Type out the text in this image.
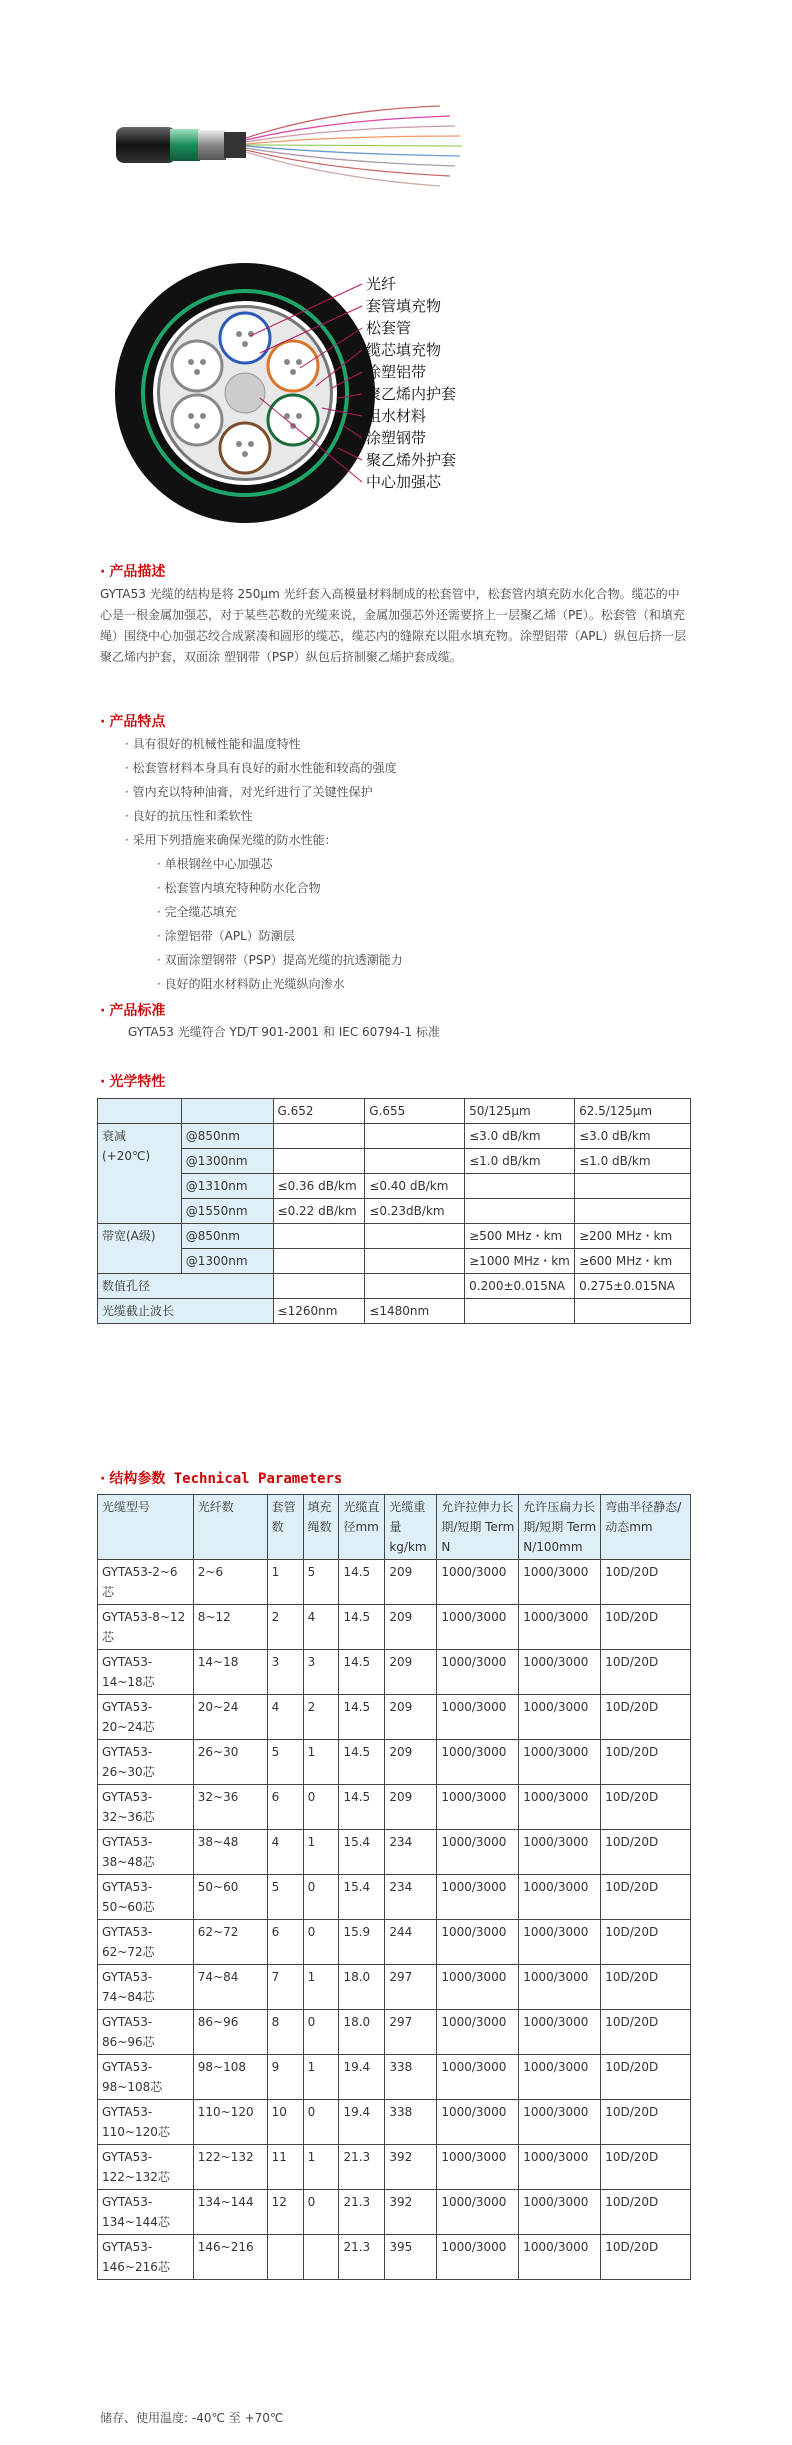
光纤
套管填充物
松套管
缆芯填充物
涂塑铝带
聚乙烯内护套
阻水材料
涂塑钢带
聚乙烯外护套
中心加强芯
· 产品描述
GYTA53 光缆的结构是将 250μm 光纤套入高模量材料制成的松套管中，松套管内填充防水化合物。缆芯的中心是一根金属加强芯，对于某些芯数的光缆来说，金属加强芯外还需要挤上一层聚乙烯（PE）。松套管（和填充绳）围绕中心加强芯绞合成紧凑和圆形的缆芯，缆芯内的缝隙充以阻水填充物。涂塑铝带（APL）纵包后挤一层聚乙烯内护套，双面涂 塑钢带（PSP）纵包后挤制聚乙烯护套成缆。
· 产品特点
· 具有很好的机械性能和温度特性
· 松套管材料本身具有良好的耐水性能和较高的强度
· 管内充以特种油膏，对光纤进行了关键性保护
· 良好的抗压性和柔软性
· 采用下列措施来确保光缆的防水性能：
· 单根钢丝中心加强芯
· 松套管内填充特种防水化合物
· 完全缆芯填充
· 涂塑铝带（APL）防潮层
· 双面涂塑钢带（PSP）提高光缆的抗透潮能力
· 良好的阻水材料防止光缆纵向渗水
· 产品标准
GYTA53 光缆符合 YD/T 901-2001 和 IEC 60794-1 标准
· 光学特性
		G.652	G.655	50/125μm	62.5/125μm
衰减
(+20℃)	@850nm			≤3.0 dB/km	≤3.0 dB/km
	@1300nm			≤1.0 dB/km	≤1.0 dB/km
	@1310nm	≤0.36 dB/km	≤0.40 dB/km		
	@1550nm	≤0.22 dB/km	≤0.23dB/km		
带宽(A级)	@850nm			≥500 MHz・km	≥200 MHz・km
	@1300nm			≥1000 MHz・km	≥600 MHz・km
数值孔径				0.200±0.015NA	0.275±0.015NA
光缆截止波长		≤1260nm	≤1480nm		
· 结构参数 Technical Parameters
光缆型号	光纤数	套管数	填充绳数	光缆直径mm	光缆重量kg/km	允许拉伸力长期/短期 Term N	允许压扁力长期/短期 Term N/100mm	弯曲半径静态/动态mm
GYTA53-2~6芯	2~6	1	5	14.5	209	1000/3000	1000/3000	10D/20D
GYTA53-8~12芯	8~12	2	4	14.5	209	1000/3000	1000/3000	10D/20D
GYTA53-14~18芯	14~18	3	3	14.5	209	1000/3000	1000/3000	10D/20D
GYTA53-20~24芯	20~24	4	2	14.5	209	1000/3000	1000/3000	10D/20D
GYTA53-26~30芯	26~30	5	1	14.5	209	1000/3000	1000/3000	10D/20D
GYTA53-32~36芯	32~36	6	0	14.5	209	1000/3000	1000/3000	10D/20D
GYTA53-38~48芯	38~48	4	1	15.4	234	1000/3000	1000/3000	10D/20D
GYTA53-50~60芯	50~60	5	0	15.4	234	1000/3000	1000/3000	10D/20D
GYTA53-62~72芯	62~72	6	0	15.9	244	1000/3000	1000/3000	10D/20D
GYTA53-74~84芯	74~84	7	1	18.0	297	1000/3000	1000/3000	10D/20D
GYTA53-86~96芯	86~96	8	0	18.0	297	1000/3000	1000/3000	10D/20D
GYTA53-98~108芯	98~108	9	1	19.4	338	1000/3000	1000/3000	10D/20D
GYTA53-110~120芯	110~120	10	0	19.4	338	1000/3000	1000/3000	10D/20D
GYTA53-122~132芯	122~132	11	1	21.3	392	1000/3000	1000/3000	10D/20D
GYTA53-134~144芯	134~144	12	0	21.3	392	1000/3000	1000/3000	10D/20D
GYTA53-146~216芯	146~216			21.3	395	1000/3000	1000/3000	10D/20D
储存、使用温度: -40℃ 至 +70℃
